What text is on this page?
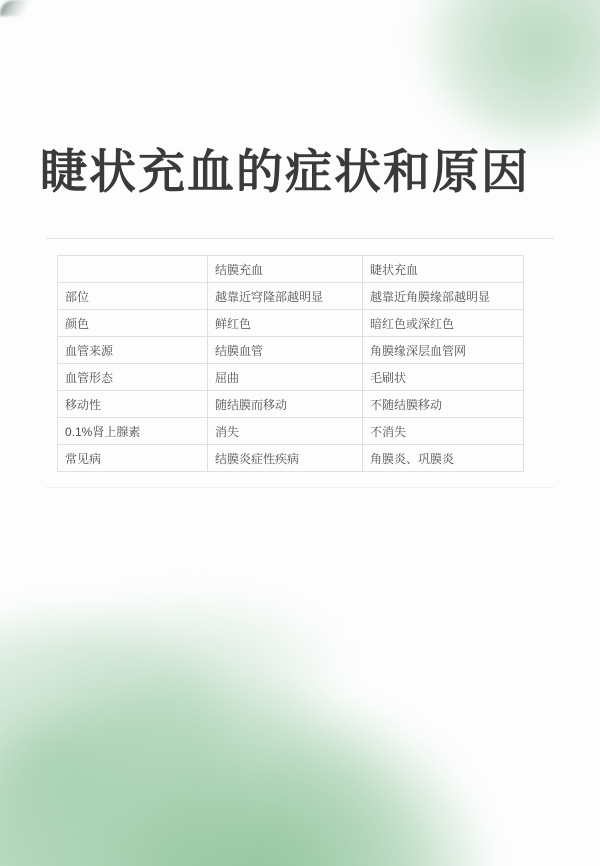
睫状充血的症状和原因
	结膜充血	睫状充血
部位	越靠近穹隆部越明显	越靠近角膜缘部越明显
颜色	鲜红色	暗红色或深红色
血管来源	结膜血管	角膜缘深层血管网
血管形态	屈曲	毛刷状
移动性	随结膜而移动	不随结膜移动
0.1%肾上腺素	消失	不消失
常见病	结膜炎症性疾病	角膜炎、巩膜炎
